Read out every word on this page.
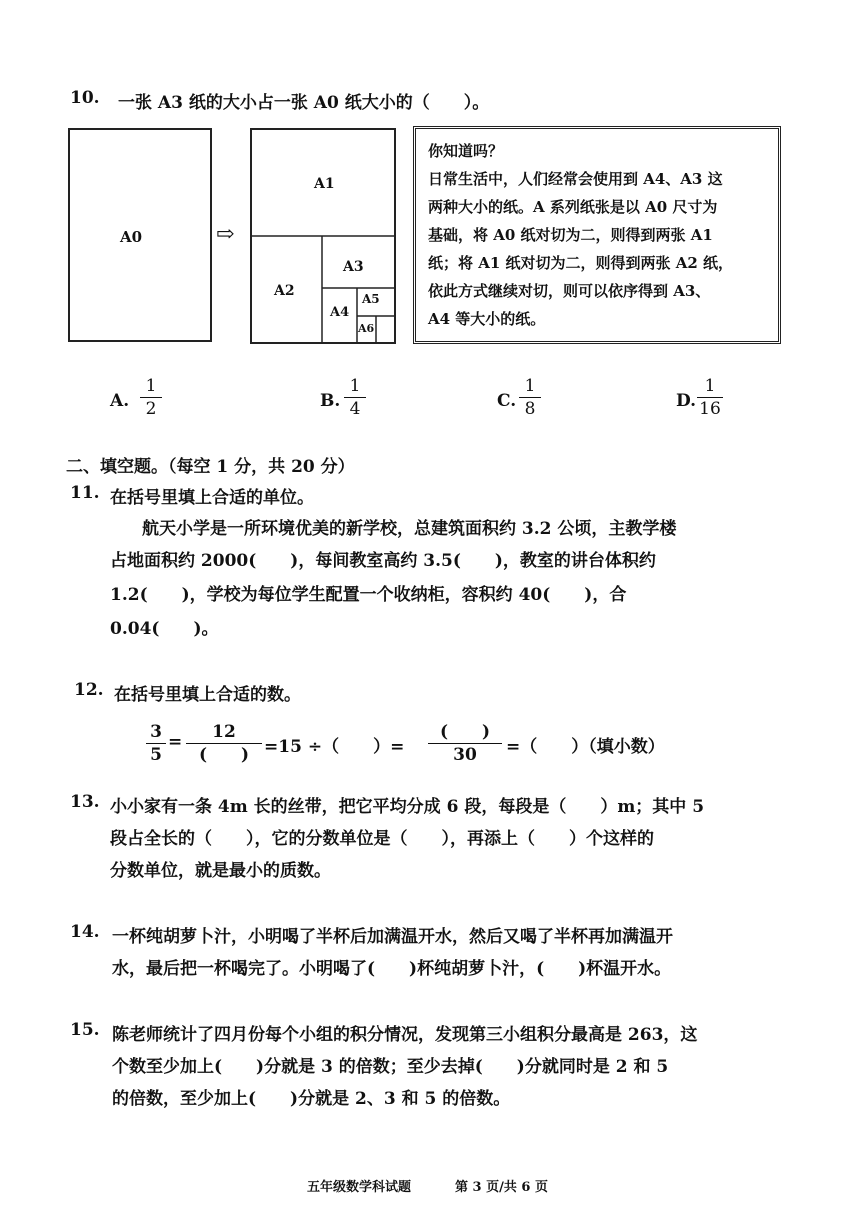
10. 一张 A3 纸的大小占一张 A0 纸大小的（　　）。
A0	⇨
A1
A2
A3
A4
A5
A6
你知道吗？
日常生活中，人们经常会使用到 A4、A3 这
两种大小的纸。A 系列纸张是以 A0 尺寸为
基础，将 A0 纸对切为二，则得到两张 A1
纸；将 A1 纸对切为二，则得到两张 A2 纸，
依此方式继续对切，则可以依序得到 A3、
A4 等大小的纸。
A.
1
2	B.
1
4	C.
1
8	D.
1
16
二、填空题。（每空 1 分，共 20 分）
11. 在括号里填上合适的单位。
航天小学是一所环境优美的新学校，总建筑面积约 3.2 公顷，主教学楼
占地面积约 2000(　　)，每间教室高约 3.5(　　)，教室的讲台体积约
1.2(　　)，学校为每位学生配置一个收纳柜，容积约 40(　　)，合
0.04(　　)。
12. 在括号里填上合适的数。
3
5
=	12
(　　) =15 ÷（　　）=
(　　)
30	=（　　）（填小数）
13. 小小家有一条 4m 长的丝带，把它平均分成 6 段，每段是（　　）m；其中 5
段占全长的（　　），它的分数单位是（　　），再添上（　　）个这样的
分数单位，就是最小的质数。
14. 一杯纯胡萝卜汁，小明喝了半杯后加满温开水，然后又喝了半杯再加满温开
水，最后把一杯喝完了。小明喝了(　　)杯纯胡萝卜汁，(　　)杯温开水。
15. 陈老师统计了四月份每个小组的积分情况，发现第三小组积分最高是 263，这
个数至少加上(　　)分就是 3 的倍数；至少去掉(　　)分就同时是 2 和 5
的倍数，至少加上(　　)分就是 2、3 和 5 的倍数。
五年级数学科试题	第 3 页/共 6 页
